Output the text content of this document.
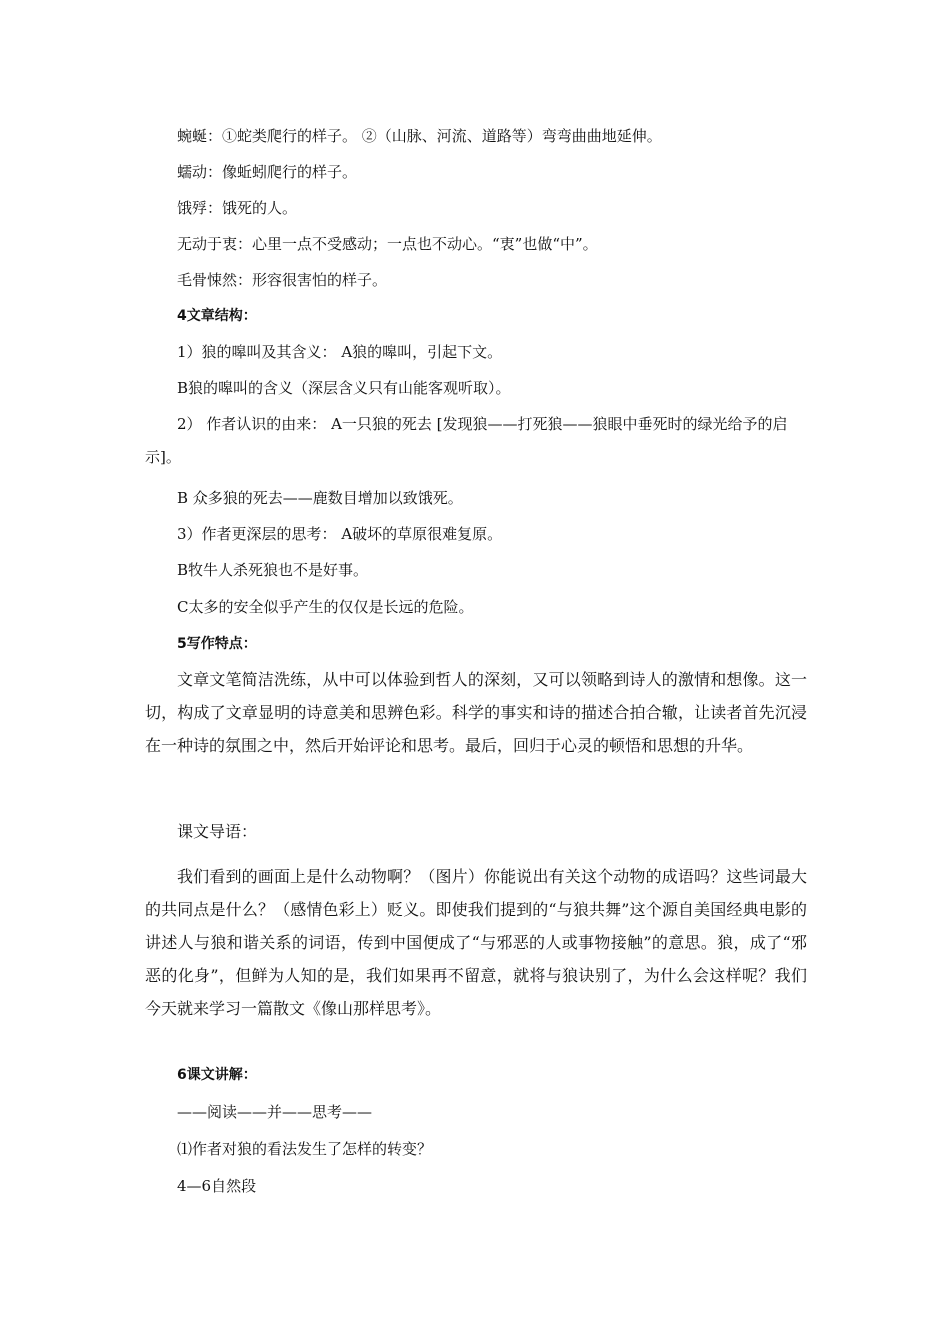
蜿蜒：①蛇类爬行的样子。 ②（山脉、河流、道路等）弯弯曲曲地延伸。
蠕动：像蚯蚓爬行的样子。
饿殍：饿死的人。
无动于衷：心里一点不受感动；一点也不动心。“衷”也做“中”。
毛骨悚然：形容很害怕的样子。
4文章结构：
1）狼的嗥叫及其含义： A狼的嗥叫，引起下文。
B狼的嗥叫的含义（深层含义只有山能客观听取）。
2） 作者认识的由来： A一只狼的死去 [发现狼——打死狼——狼眼中垂死时的绿光给予的启示]。
B 众多狼的死去——鹿数目增加以致饿死。
3）作者更深层的思考： A破坏的草原很难复原。
B牧牛人杀死狼也不是好事。
C太多的安全似乎产生的仅仅是长远的危险。
5写作特点：
文章文笔简洁洗练，从中可以体验到哲人的深刻，又可以领略到诗人的激情和想像。这一切，构成了文章显明的诗意美和思辨色彩。科学的事实和诗的描述合拍合辙，让读者首先沉浸在一种诗的氛围之中，然后开始评论和思考。最后，回归于心灵的顿悟和思想的升华。
课文导语：
我们看到的画面上是什么动物啊？（图片）你能说出有关这个动物的成语吗？这些词最大的共同点是什么？（感情色彩上）贬义。即使我们提到的“与狼共舞”这个源自美国经典电影的讲述人与狼和谐关系的词语，传到中国便成了“与邪恶的人或事物接触”的意思。狼，成了“邪恶的化身”，但鲜为人知的是，我们如果再不留意，就将与狼诀别了，为什么会这样呢？我们今天就来学习一篇散文《像山那样思考》。
6课文讲解：
——阅读——并——思考——
⑴作者对狼的看法发生了怎样的转变？
4—6自然段
